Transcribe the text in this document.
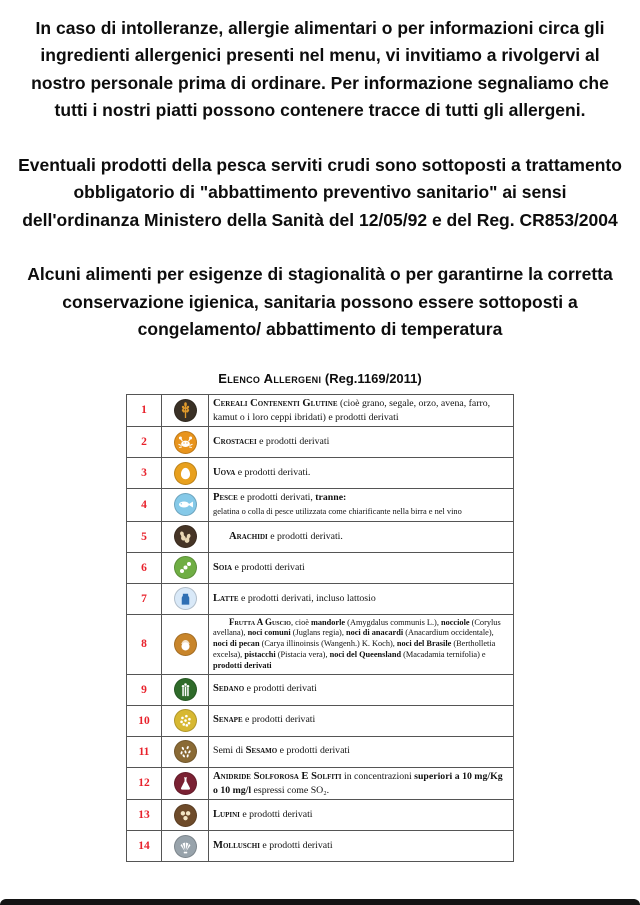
In caso di intolleranze, allergie alimentari o per informazioni circa gli ingredienti allergenici presenti nel menu, vi invitiamo a rivolgervi al nostro personale prima di ordinare. Per informazione segnaliamo che tutti i nostri piatti possono contenere tracce di tutti gli allergeni.

Eventuali prodotti della pesca serviti crudi sono sottoposti a trattamento obbligatorio di "abbattimento preventivo sanitario" ai sensi dell'ordinanza Ministero della Sanità del 12/05/92 e del Reg. CR853/2004

Alcuni alimenti per esigenze di stagionalità o per garantirne la corretta conservazione igienica, sanitaria possono essere sottoposti a congelamento/ abbattimento di temperatura

Elenco Allergeni (Reg.1169/2011)
1		Cereali Contenenti Glutine (cioè grano, segale, orzo, avena, farro, kamut o i loro ceppi ibridati) e prodotti derivati
2		Crostacei e prodotti derivati
3		Uova e prodotti derivati.
4		Pesce e prodotti derivati, tranne:
gelatina o colla di pesce utilizzata come chiarificante nella birra e nel vino
5		Arachidi e prodotti derivati.
6		Soia e prodotti derivati
7		Latte e prodotti derivati, incluso lattosio
8		Frutta A Guscio, cioè mandorle (Amygdalus communis L.), nocciole (Corylus avellana), noci comuni (Juglans regia), noci di anacardi (Anacardium occidentale), noci di pecan (Carya illinoinsis (Wangenh.) K. Koch), noci del Brasile (Bertholletia excelsa), pistacchi (Pistacia vera), noci del Queensland (Macadamia ternifolia) e prodotti derivati
9		Sedano e prodotti derivati
10		Senape e prodotti derivati
11		Semi di Sesamo e prodotti derivati
12		Anidride Solforosa E Solfiti in concentrazioni superiori a 10 mg/Kg o 10 mg/l espressi come SO₂.
13		Lupini e prodotti derivati
14		Molluschi e prodotti derivati
